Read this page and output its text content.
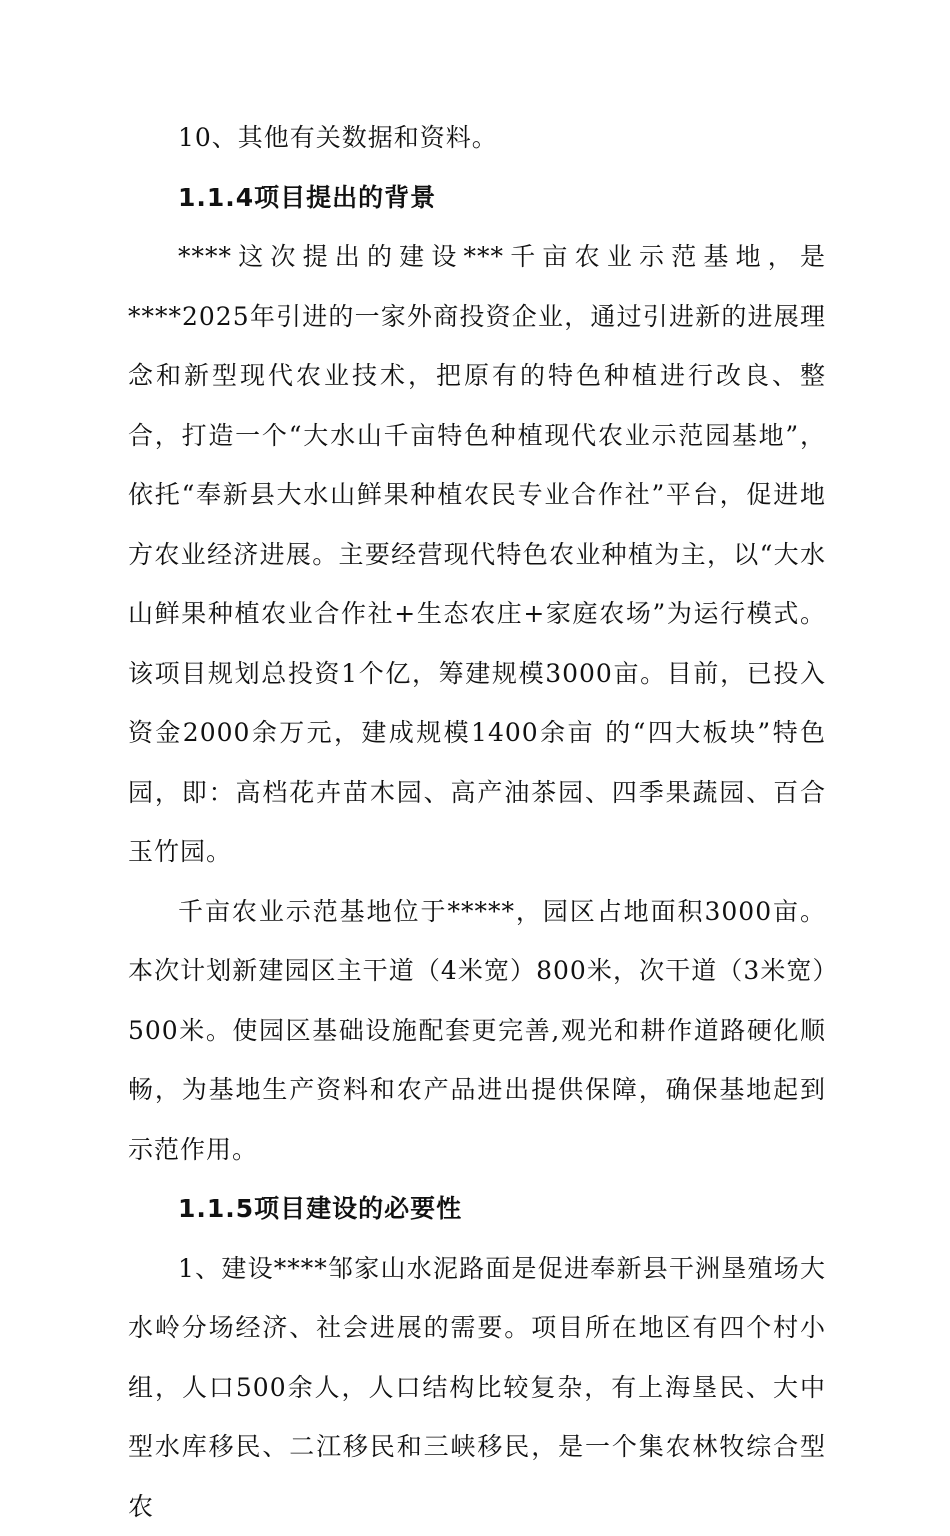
10、其他有关数据和资料。

1.1.4项目提出的背景

****这次提出的建设***千亩农业示范基地，是****2025年引进的一家外商投资企业，通过引进新的进展理念和新型现代农业技术，把原有的特色种植进行改良、整合，打造一个“大水山千亩特色种植现代农业示范园基地”，依托“奉新县大水山鲜果种植农民专业合作社”平台，促进地方农业经济进展。主要经营现代特色农业种植为主，以“大水山鲜果种植农业合作社+生态农庄+家庭农场”为运行模式。该项目规划总投资1个亿，筹建规模3000亩。目前，已投入资金2000余万元，建成规模1400余亩 的“四大板块”特色园，即：高档花卉苗木园、高产油茶园、四季果蔬园、百合玉竹园。

千亩农业示范基地位于*****，园区占地面积3000亩。本次计划新建园区主干道（4米宽）800米，次干道（3米宽）500米。使园区基础设施配套更完善,观光和耕作道路硬化顺畅，为基地生产资料和农产品进出提供保障，确保基地起到示范作用。

1.1.5项目建设的必要性

1、建设****邹家山水泥路面是促进奉新县干洲垦殖场大水岭分场经济、社会进展的需要。项目所在地区有四个村小组，人口500余人，人口结构比较复杂，有上海垦民、大中型水库移民、二江移民和三峡移民，是一个集农林牧综合型农
